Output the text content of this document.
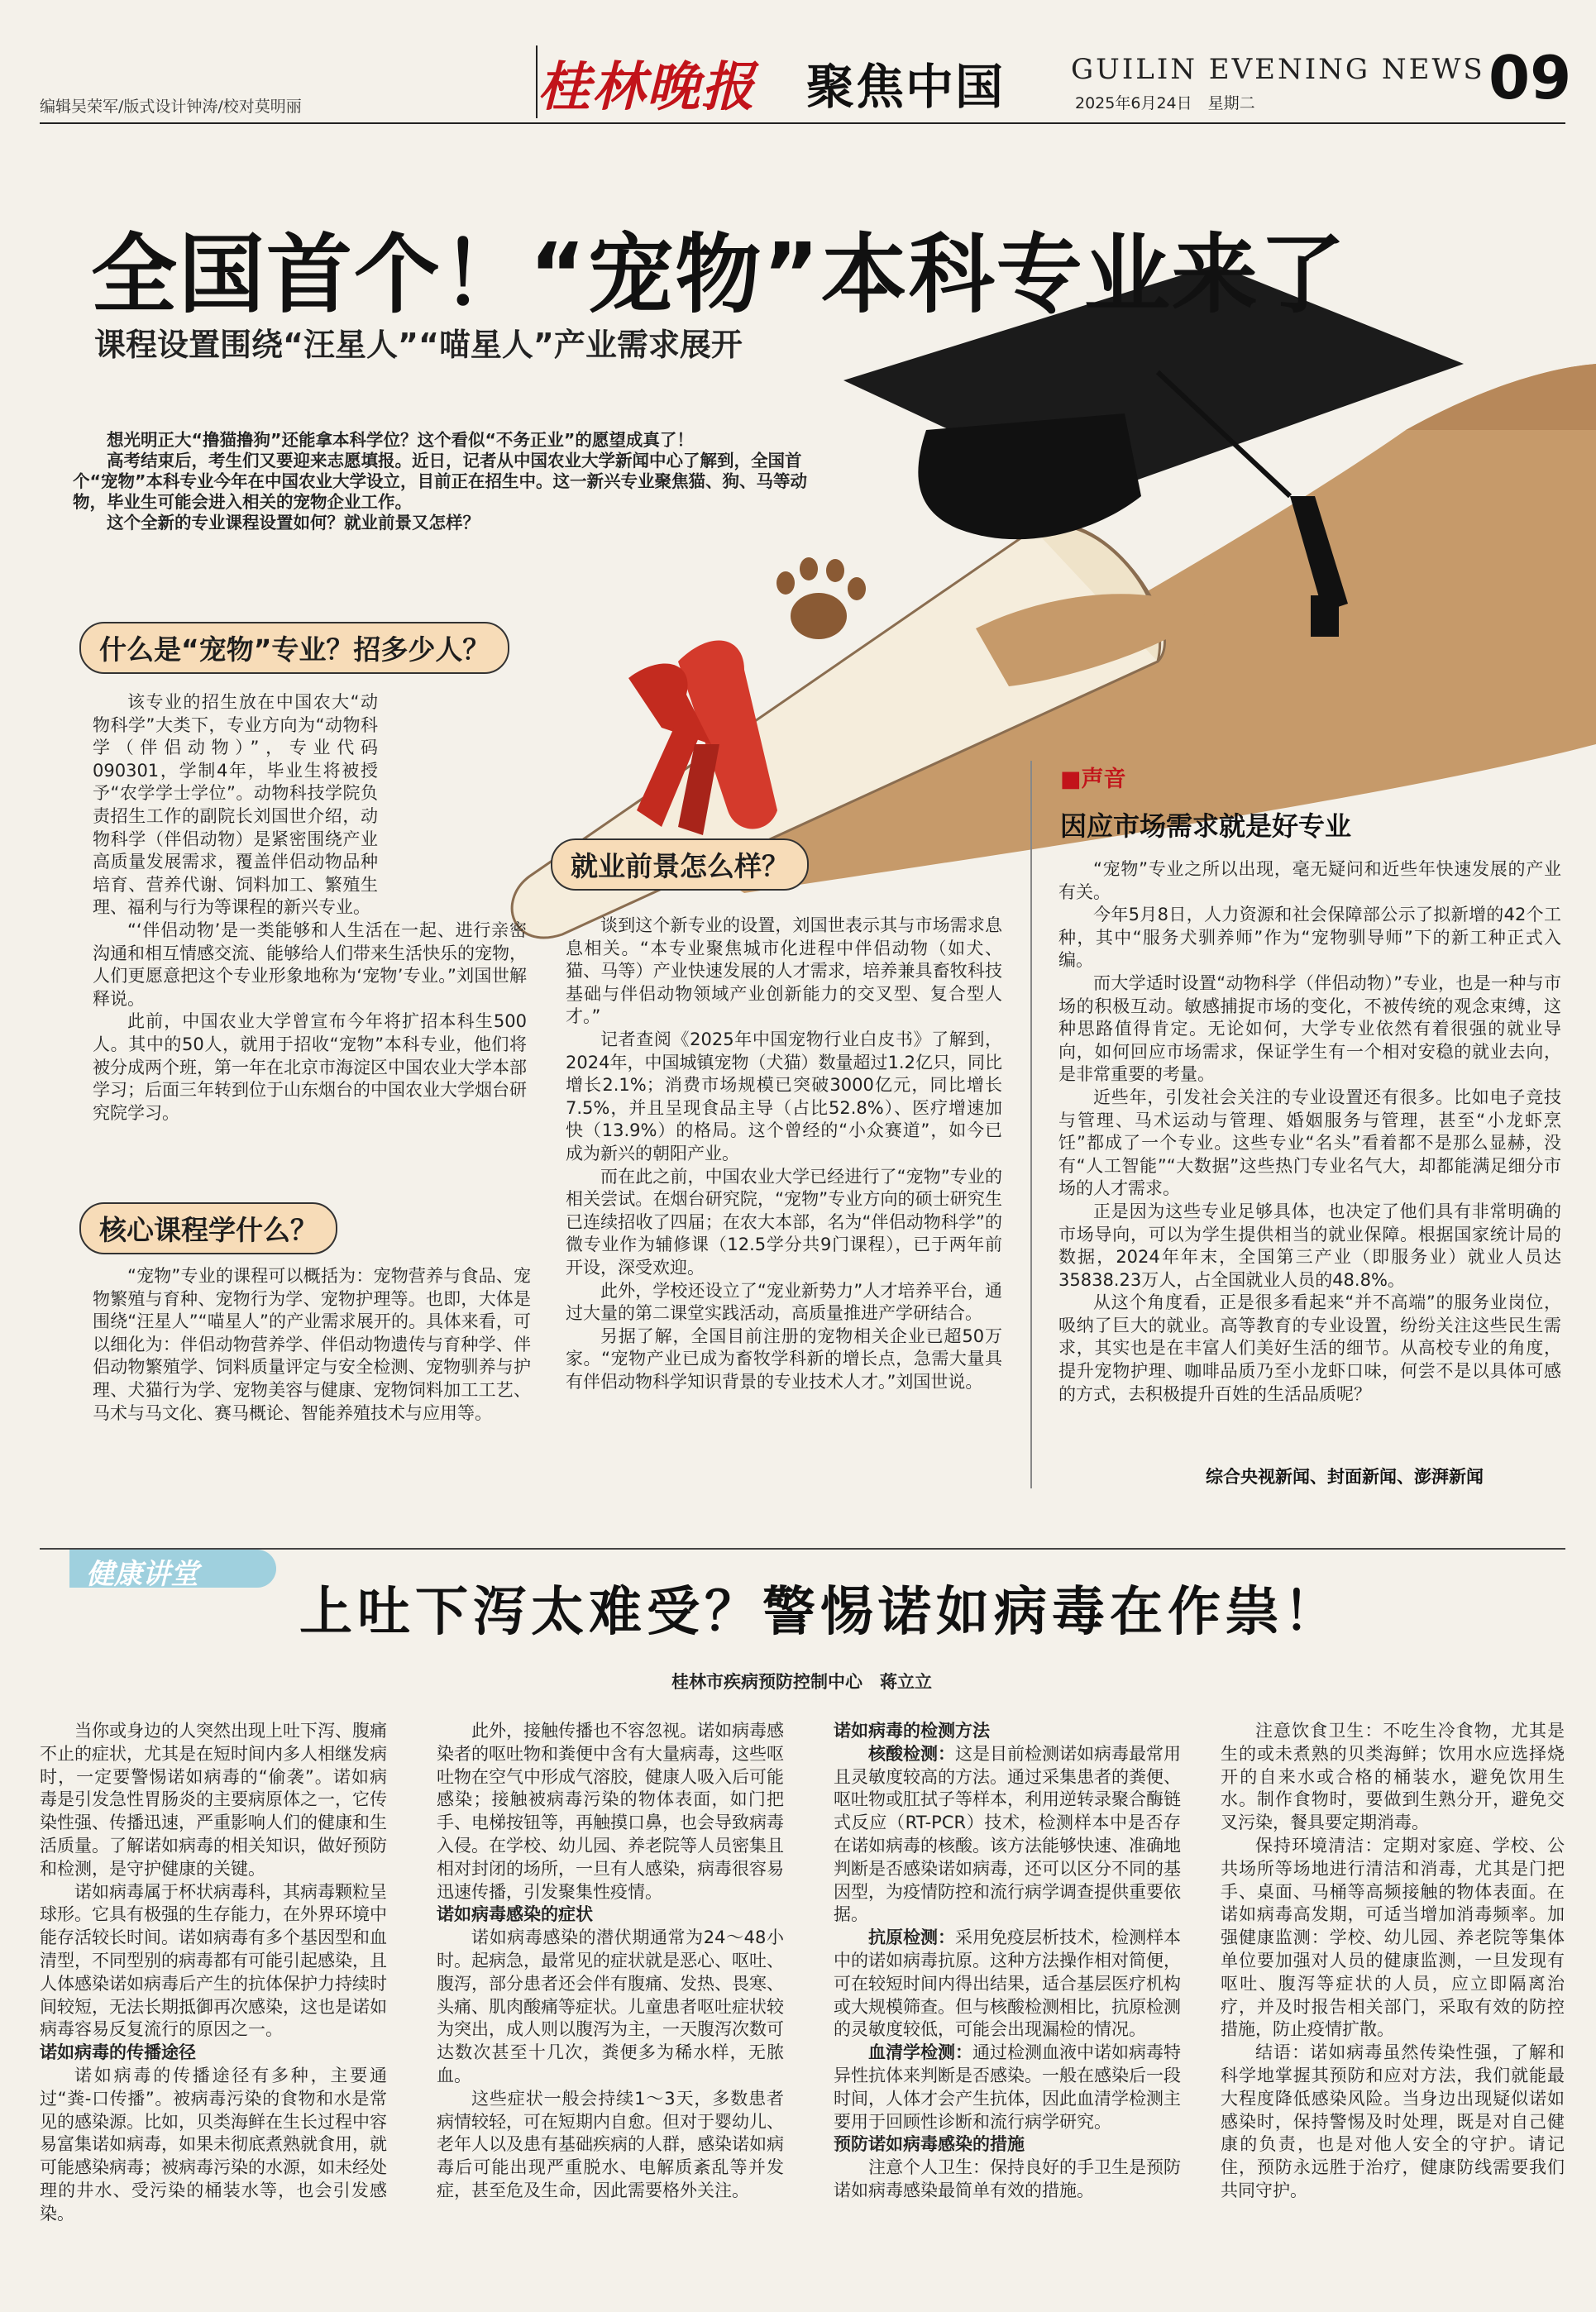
编辑吴荣军/版式设计钟涛/校对莫明丽	桂林晚报	聚焦中国 GUILIN EVENING NEWS
2025年6月24日　星期二	09
全国首个！“宠物”本科专业来了
课程设置围绕“汪星人”“喵星人”产业需求展开

想光明正大“撸猫撸狗”还能拿本科学位？这个看似“不务正业”的愿望成真了！

高考结束后，考生们又要迎来志愿填报。近日，记者从中国农业大学新闻中心了解到，全国首个“宠物”本科专业今年在中国农业大学设立，目前正在招生中。这一新兴专业聚焦猫、狗、马等动物，毕业生可能会进入相关的宠物企业工作。

这个全新的专业课程设置如何？就业前景又怎样？

什么是“宠物”专业？招多少人？

该专业的招生放在中国农大“动物科学”大类下，专业方向为“动物科学（伴侣动物）”，专业代码090301，学制4年，毕业生将被授予“农学学士学位”。动物科技学院负责招生工作的副院长刘国世介绍，动物科学（伴侣动物）是紧密围绕产业高质量发展需求，覆盖伴侣动物品种培育、营养代谢、饲料加工、繁殖生理、福利与行为等课程的新兴专业。

“‘伴侣动物’是一类能够和人生活在一起、进行亲密沟通和相互情感交流、能够给人们带来生活快乐的宠物，人们更愿意把这个专业形象地称为‘宠物’专业。”刘国世解释说。

此前，中国农业大学曾宣布今年将扩招本科生500人。其中的50人，就用于招收“宠物”本科专业，他们将被分成两个班，第一年在北京市海淀区中国农业大学本部学习；后面三年转到位于山东烟台的中国农业大学烟台研究院学习。

核心课程学什么？

“宠物”专业的课程可以概括为：宠物营养与食品、宠物繁殖与育种、宠物行为学、宠物护理等。也即，大体是围绕“汪星人”“喵星人”的产业需求展开的。具体来看，可以细化为：伴侣动物营养学、伴侣动物遗传与育种学、伴侣动物繁殖学、饲料质量评定与安全检测、宠物驯养与护理、犬猫行为学、宠物美容与健康、宠物饲料加工工艺、马术与马文化、赛马概论、智能养殖技术与应用等。

就业前景怎么样？

谈到这个新专业的设置，刘国世表示其与市场需求息息相关。“本专业聚焦城市化进程中伴侣动物（如犬、猫、马等）产业快速发展的人才需求，培养兼具畜牧科技基础与伴侣动物领域产业创新能力的交叉型、复合型人才。”

记者查阅《2025年中国宠物行业白皮书》了解到，2024年，中国城镇宠物（犬猫）数量超过1.2亿只，同比增长2.1%；消费市场规模已突破3000亿元，同比增长7.5%，并且呈现食品主导（占比52.8%）、医疗增速加快（13.9%）的格局。这个曾经的“小众赛道”，如今已成为新兴的朝阳产业。

而在此之前，中国农业大学已经进行了“宠物”专业的相关尝试。在烟台研究院，“宠物”专业方向的硕士研究生已连续招收了四届；在农大本部，名为“伴侣动物科学”的微专业作为辅修课（12.5学分共9门课程），已于两年前开设，深受欢迎。

此外，学校还设立了“宠业新势力”人才培养平台，通过大量的第二课堂实践活动，高质量推进产学研结合。

另据了解，全国目前注册的宠物相关企业已超50万家。“宠物产业已成为畜牧学科新的增长点，急需大量具有伴侣动物科学知识背景的专业技术人才。”刘国世说。

■声音
因应市场需求就是好专业

“宠物”专业之所以出现，毫无疑问和近些年快速发展的产业有关。

今年5月8日，人力资源和社会保障部公示了拟新增的42个工种，其中“服务犬驯养师”作为“宠物驯导师”下的新工种正式入编。

而大学适时设置“动物科学（伴侣动物）”专业，也是一种与市场的积极互动。敏感捕捉市场的变化，不被传统的观念束缚，这种思路值得肯定。无论如何，大学专业依然有着很强的就业导向，如何回应市场需求，保证学生有一个相对安稳的就业去向，是非常重要的考量。

近些年，引发社会关注的专业设置还有很多。比如电子竞技与管理、马术运动与管理、婚姻服务与管理，甚至“小龙虾烹饪”都成了一个专业。这些专业“名头”看着都不是那么显赫，没有“人工智能”“大数据”这些热门专业名气大，却都能满足细分市场的人才需求。

正是因为这些专业足够具体，也决定了他们具有非常明确的市场导向，可以为学生提供相当的就业保障。根据国家统计局的数据，2024年年末，全国第三产业（即服务业）就业人员达35838.23万人，占全国就业人员的48.8%。

从这个角度看，正是很多看起来“并不高端”的服务业岗位，吸纳了巨大的就业。高等教育的专业设置，纷纷关注这些民生需求，其实也是在丰富人们美好生活的细节。从高校专业的角度，提升宠物护理、咖啡品质乃至小龙虾口味，何尝不是以具体可感的方式，去积极提升百姓的生活品质呢？

综合央视新闻、封面新闻、澎湃新闻
健康讲堂
上吐下泻太难受？警惕诺如病毒在作祟！
桂林市疾病预防控制中心　蒋立立

当你或身边的人突然出现上吐下泻、腹痛不止的症状，尤其是在短时间内多人相继发病时，一定要警惕诺如病毒的“偷袭”。诺如病毒是引发急性胃肠炎的主要病原体之一，它传染性强、传播迅速，严重影响人们的健康和生活质量。了解诺如病毒的相关知识，做好预防和检测，是守护健康的关键。

诺如病毒属于杯状病毒科，其病毒颗粒呈球形。它具有极强的生存能力，在外界环境中能存活较长时间。诺如病毒有多个基因型和血清型，不同型别的病毒都有可能引起感染，且人体感染诺如病毒后产生的抗体保护力持续时间较短，无法长期抵御再次感染，这也是诺如病毒容易反复流行的原因之一。

诺如病毒的传播途径

诺如病毒的传播途径有多种，主要通过“粪-口传播”。被病毒污染的食物和水是常见的感染源。比如，贝类海鲜在生长过程中容易富集诺如病毒，如果未彻底煮熟就食用，就可能感染病毒；被病毒污染的水源，如未经处理的井水、受污染的桶装水等，也会引发感染。

此外，接触传播也不容忽视。诺如病毒感染者的呕吐物和粪便中含有大量病毒，这些呕吐物在空气中形成气溶胶，健康人吸入后可能感染；接触被病毒污染的物体表面，如门把手、电梯按钮等，再触摸口鼻，也会导致病毒入侵。在学校、幼儿园、养老院等人员密集且相对封闭的场所，一旦有人感染，病毒很容易迅速传播，引发聚集性疫情。

诺如病毒感染的症状

诺如病毒感染的潜伏期通常为24～48小时。起病急，最常见的症状就是恶心、呕吐、腹泻，部分患者还会伴有腹痛、发热、畏寒、头痛、肌肉酸痛等症状。儿童患者呕吐症状较为突出，成人则以腹泻为主，一天腹泻次数可达数次甚至十几次，粪便多为稀水样，无脓血。

这些症状一般会持续1～3天，多数患者病情较轻，可在短期内自愈。但对于婴幼儿、老年人以及患有基础疾病的人群，感染诺如病毒后可能出现严重脱水、电解质紊乱等并发症，甚至危及生命，因此需要格外关注。

诺如病毒的检测方法

核酸检测：这是目前检测诺如病毒最常用且灵敏度较高的方法。通过采集患者的粪便、呕吐物或肛拭子等样本，利用逆转录聚合酶链式反应（RT-PCR）技术，检测样本中是否存在诺如病毒的核酸。该方法能够快速、准确地判断是否感染诺如病毒，还可以区分不同的基因型，为疫情防控和流行病学调查提供重要依据。

抗原检测：采用免疫层析技术，检测样本中的诺如病毒抗原。这种方法操作相对简便，可在较短时间内得出结果，适合基层医疗机构或大规模筛查。但与核酸检测相比，抗原检测的灵敏度较低，可能会出现漏检的情况。

血清学检测：通过检测血液中诺如病毒特异性抗体来判断是否感染。一般在感染后一段时间，人体才会产生抗体，因此血清学检测主要用于回顾性诊断和流行病学研究。

预防诺如病毒感染的措施

注意个人卫生：保持良好的手卫生是预防诺如病毒感染最简单有效的措施。

注意饮食卫生：不吃生冷食物，尤其是生的或未煮熟的贝类海鲜；饮用水应选择烧开的自来水或合格的桶装水，避免饮用生水。制作食物时，要做到生熟分开，避免交叉污染，餐具要定期消毒。

保持环境清洁：定期对家庭、学校、公共场所等场地进行清洁和消毒，尤其是门把手、桌面、马桶等高频接触的物体表面。在诺如病毒高发期，可适当增加消毒频率。加强健康监测：学校、幼儿园、养老院等集体单位要加强对人员的健康监测，一旦发现有呕吐、腹泻等症状的人员，应立即隔离治疗，并及时报告相关部门，采取有效的防控措施，防止疫情扩散。

结语：诺如病毒虽然传染性强，了解和科学地掌握其预防和应对方法，我们就能最大程度降低感染风险。当身边出现疑似诺如感染时，保持警惕及时处理，既是对自己健康的负责，也是对他人安全的守护。请记住，预防永远胜于治疗，健康防线需要我们共同守护。
